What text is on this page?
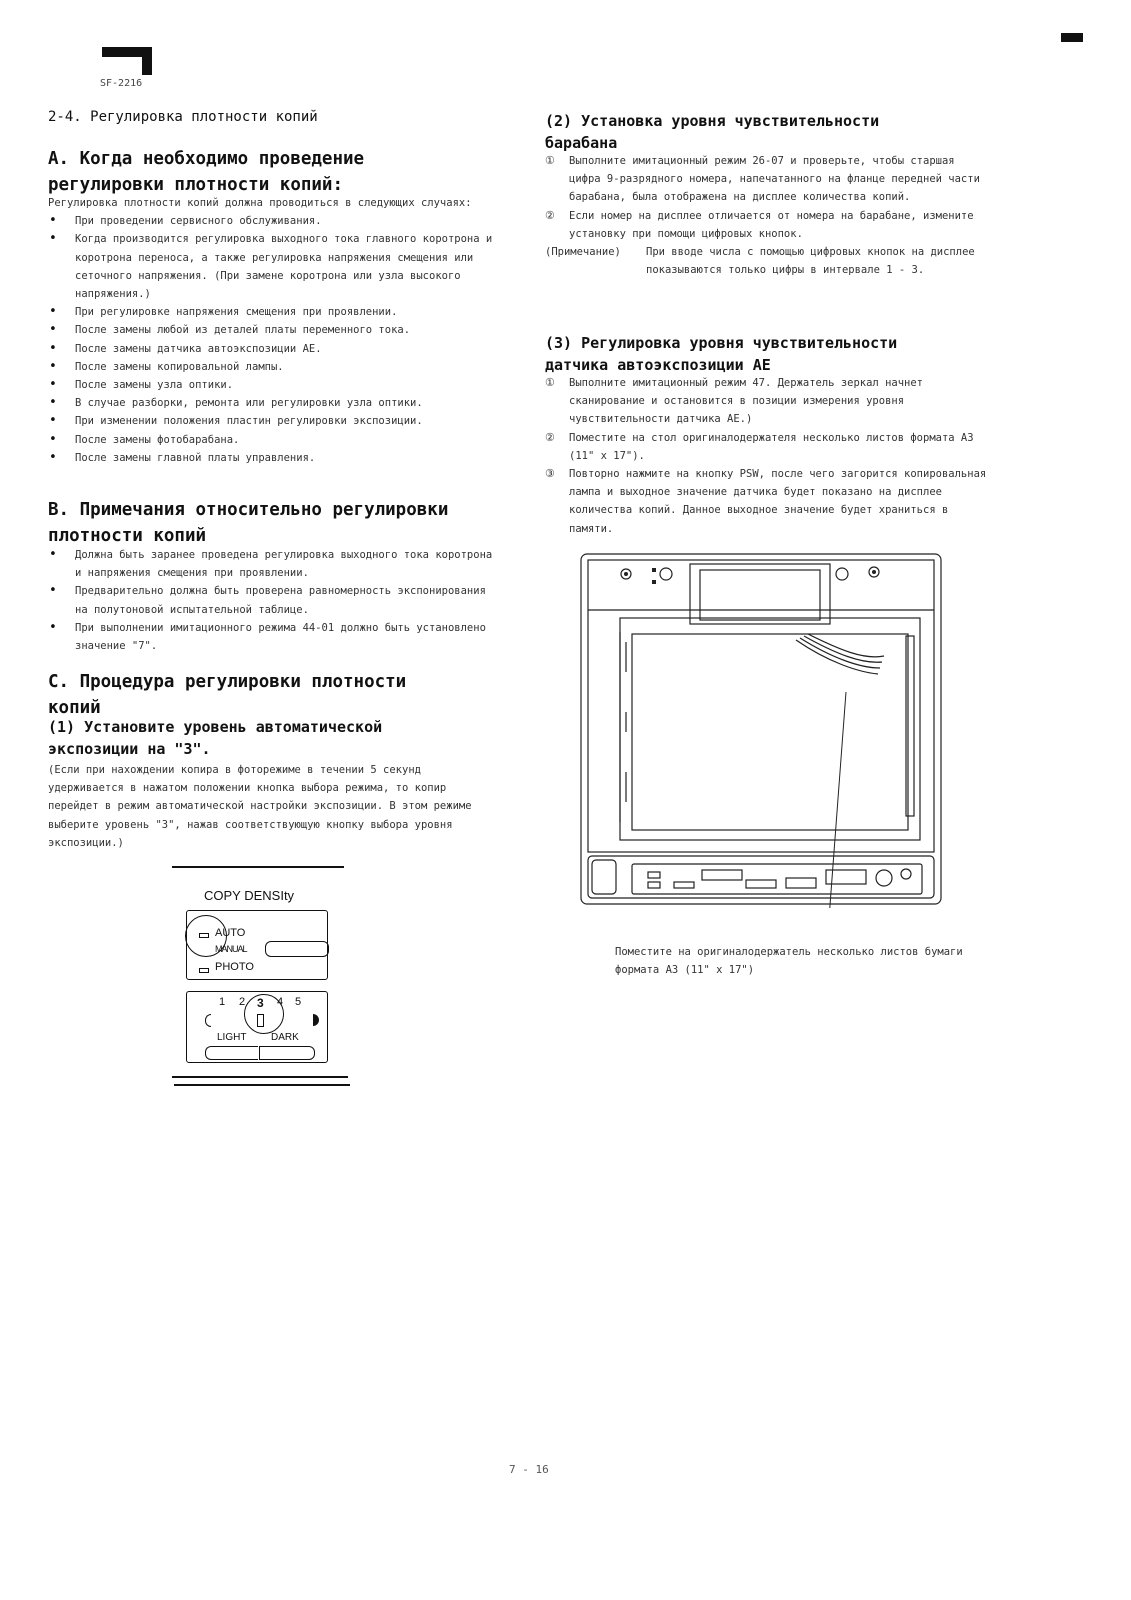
SF-2216
2-4. Регулировка плотности копий
А. Когда необходимо проведение регулировки плотности копий:
Регулировка плотности копий должна проводиться в следующих случаях:
• При проведении сервисного обслуживания.
• Когда производится регулировка выходного тока главного коротрона и коротрона переноса, а также регулировка напряжения смещения или сеточного напряжения. (При замене коротрона или узла высокого напряжения.)
• При регулировке напряжения смещения при проявлении.
• После замены любой из деталей платы переменного тока.
• После замены датчика автоэкспозиции AE.
• После замены копировальной лампы.
• После замены узла оптики.
• В случае разборки, ремонта или регулировки узла оптики.
• При изменении положения пластин регулировки экспозиции.
• После замены фотобарабана.
• После замены главной платы управления.
B. Примечания относительно регулировки плотности копий
• Должна быть заранее проведена регулировка выходного тока коротрона и напряжения смещения при проявлении.
• Предварительно должна быть проверена равномерность экспонирования на полутоновой испытательной таблице.
• При выполнении имитационного режима 44-01 должно быть установлено значение "7".
С. Процедура регулировки плотности копий
(1) Установите уровень автоматической экспозиции на "3".
(Если при нахождении копира в фоторежиме в течении 5 секунд удерживается в нажатом положении кнопка выбора режима, то копир перейдет в режим автоматической настройки экспозиции. В этом режиме выберите уровень "3", нажав соответствующую кнопку выбора уровня экспозиции.)
COPY DENSIty
AUTO
MANUAL
PHOTO
1 2 3 4 5
LIGHT DARK
(2) Установка уровня чувствительности барабана
① Выполните имитационный режим 26-07 и проверьте, чтобы старшая цифра 9-разрядного номера, напечатанного на фланце передней части барабана, была отображена на дисплее количества копий.
② Если номер на дисплее отличается от номера на барабане, измените установку при помощи цифровых кнопок.
(Примечание) При вводе числа с помощью цифровых кнопок на дисплее показываются только цифры в интервале 1 - 3.
(3) Регулировка уровня чувствительности датчика автоэкспозиции AE
① Выполните имитационный режим 47. Держатель зеркал начнет сканирование и остановится в позиции измерения уровня чувствительности датчика AE.)
② Поместите на стол оригиналодержателя несколько листов формата А3 (11" x 17").
③ Повторно нажмите на кнопку PSW, после чего загорится копировальная лампа и выходное значение датчика будет показано на дисплее количества копий. Данное выходное значение будет храниться в памяти.
Поместите на оригиналодержатель несколько листов бумаги формата А3 (11" x 17")
7 - 16
